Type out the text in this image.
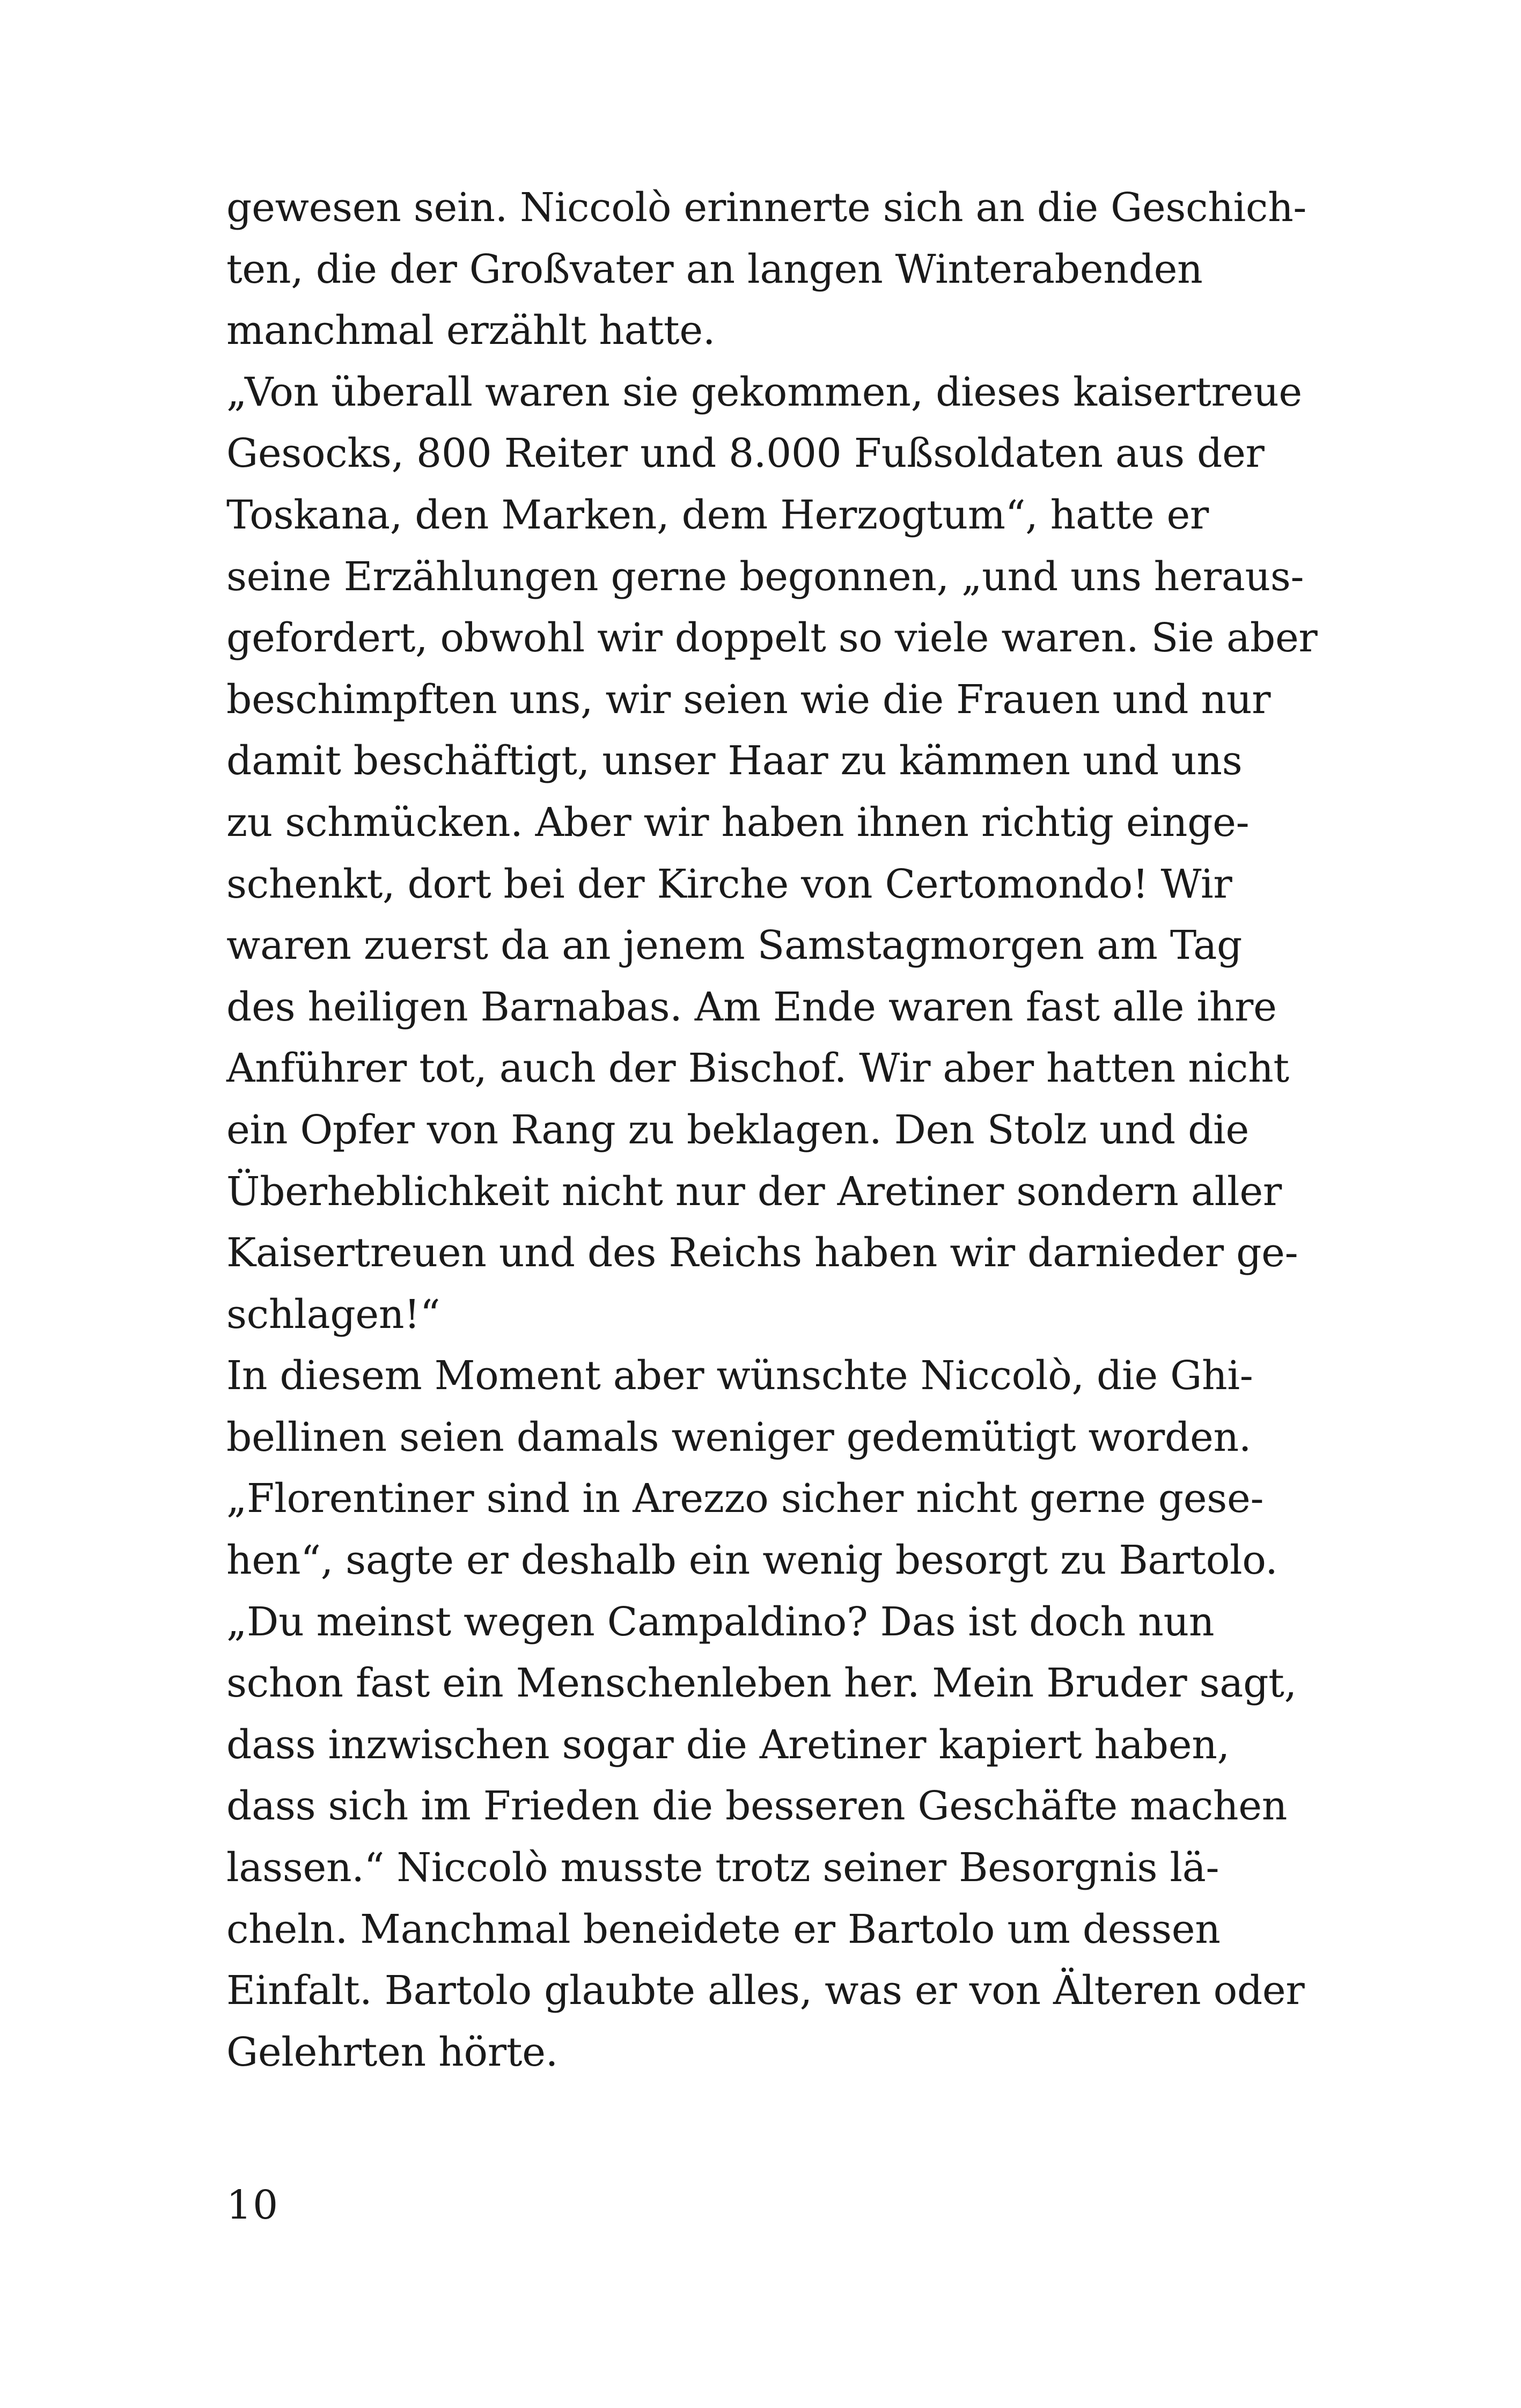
gewesen sein. Niccolò erinnerte sich an die Geschich-
ten, die der Großvater an langen Winterabenden
manchmal erzählt hatte.
„Von überall waren sie gekommen, dieses kaisertreue
Gesocks, 800 Reiter und 8.000 Fußsoldaten aus der
Toskana, den Marken, dem Herzogtum“, hatte er
seine Erzählungen gerne begonnen, „und uns heraus-
gefordert, obwohl wir doppelt so viele waren. Sie aber
beschimpften uns, wir seien wie die Frauen und nur
damit beschäftigt, unser Haar zu kämmen und uns
zu schmücken. Aber wir haben ihnen richtig einge-
schenkt, dort bei der Kirche von Certomondo! Wir
waren zuerst da an jenem Samstagmorgen am Tag
des heiligen Barnabas. Am Ende waren fast alle ihre
Anführer tot, auch der Bischof. Wir aber hatten nicht
ein Opfer von Rang zu beklagen. Den Stolz und die
Überheblichkeit nicht nur der Aretiner sondern aller
Kaisertreuen und des Reichs haben wir darnieder ge-
schlagen!“
In diesem Moment aber wünschte Niccolò, die Ghi-
bellinen seien damals weniger gedemütigt worden.
„Florentiner sind in Arezzo sicher nicht gerne gese-
hen“, sagte er deshalb ein wenig besorgt zu Bartolo.
„Du meinst wegen Campaldino? Das ist doch nun
schon fast ein Menschenleben her. Mein Bruder sagt,
dass inzwischen sogar die Aretiner kapiert haben,
dass sich im Frieden die besseren Geschäfte machen
lassen.“ Niccolò musste trotz seiner Besorgnis lä-
cheln. Manchmal beneidete er Bartolo um dessen
Einfalt. Bartolo glaubte alles, was er von Älteren oder
Gelehrten hörte.
10
